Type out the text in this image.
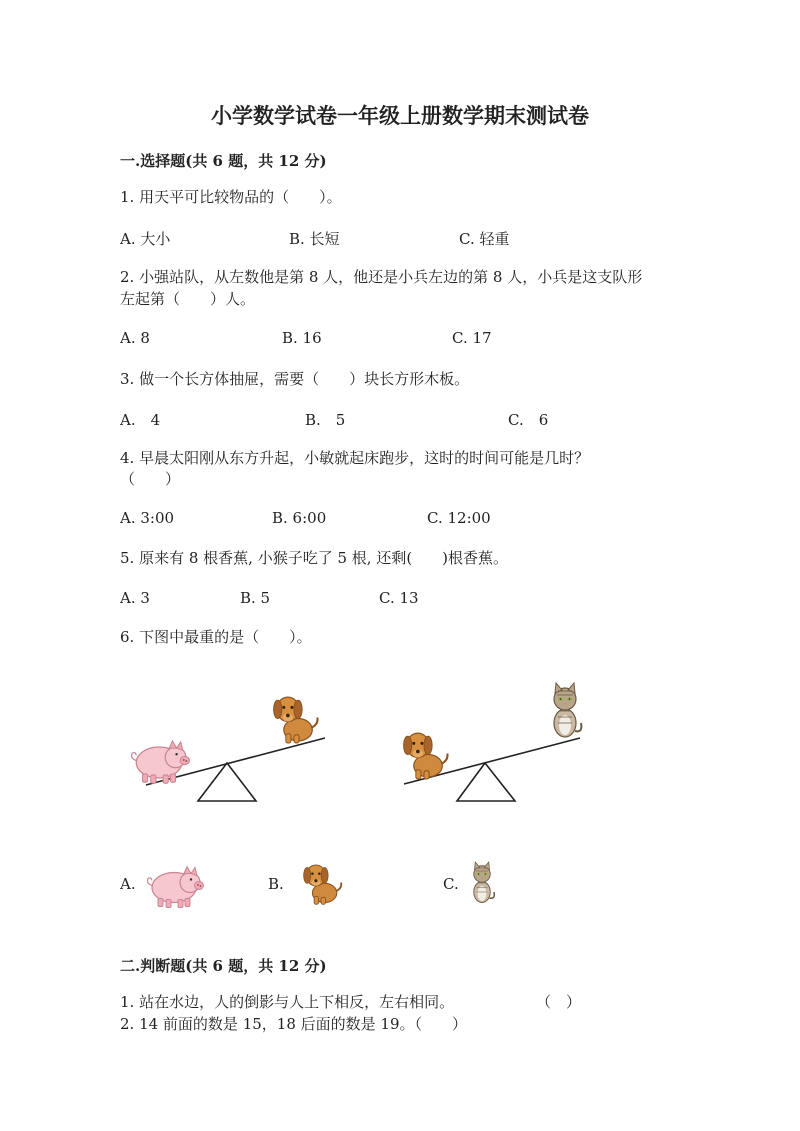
小学数学试卷一年级上册数学期末测试卷
一.选择题(共 6 题，共 12 分)
1. 用天平可比较物品的（　　）。
A. 大小	B. 长短	C. 轻重
2. 小强站队，从左数他是第 8 人，他还是小兵左边的第 8 人，小兵是这支队形
左起第（　　）人。
A. 8	B. 16	C. 17
3. 做一个长方体抽屉，需要（　　）块长方形木板。
A.　4	B.　5	C.　6
4. 早晨太阳刚从东方升起，小敏就起床跑步，这时的时间可能是几时？
（　　）
A. 3:00	B. 6:00	C. 12:00
5. 原来有 8 根香蕉, 小猴子吃了 5 根, 还剩(　　)根香蕉。
A. 3	B. 5	C. 13
6. 下图中最重的是（　　）。
A.	B.	C.
二.判断题(共 6 题，共 12 分)
1. 站在水边，人的倒影与人上下相反，左右相同。	（　）
2. 14 前面的数是 15，18 后面的数是 19。（　　）
